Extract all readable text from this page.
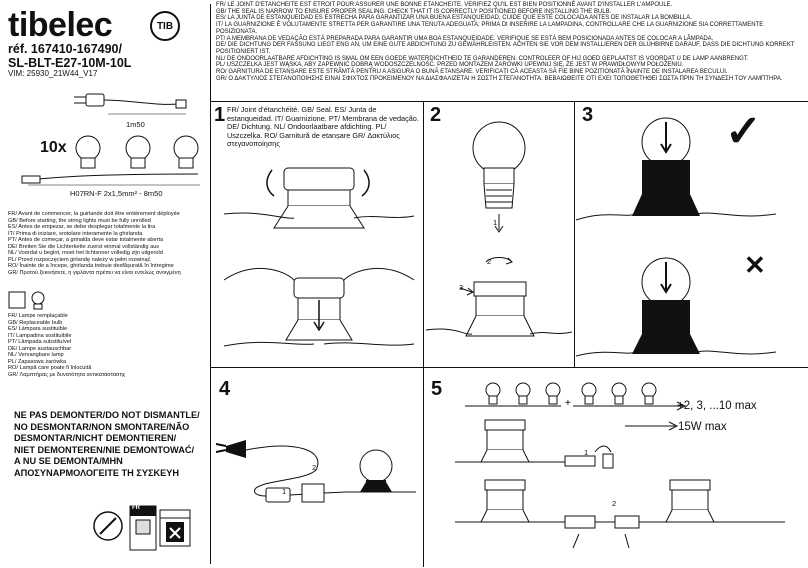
tibelec	TIB
réf. 167410-167490/
SL-BLT-E27-10M-10L
VIM: 25930_21W44_V17
1m50
10x
H07RN-F 2x1,5mm² - 8m50
FR/ Avant de commencer, la guirlande doit être entièrement déployée
GB/ Before starting, the string lights must be fully unrolled
ES/ Antes de empezar, se debe desplegar totalmente la tira
IT/ Prima di iniziare, srotolare interamente la ghirlanda
PT/ Antes de começar, a grinalda deve estar totalmente aberta
DE/ Breiten Sie die Lichterkette zuerst einmal vollständig aus
NL/ Voordat u begint, moet het lichtsnoer volledig zijn uitgerold
PL/ Przed rozpoczęciem girlandę należy w pełni rozwinąć
RO/ Înainte de a începe, ghirlanda trebuie desfășurată în întregime
GR/ Προτού ξεκινήσετε, η γιρλάντα πρέπει να είναι εντελώς ανοιγμένη
FR/ Lampe remplaçable
GB/ Replaceable bulb
ES/ Lámpara sustituible
IT/ Lampadina sostituibile
PT/ Lâmpada substituível
DE/ Lampe austauschbar
NL/ Vervangbare lamp
PL/ Zapasowa żarówka
RO/ Lampă care poate fi înlocuită
GR/ Λαμπτήρας με δυνατότητα αντικατάστασης
NE PAS DEMONTER/DO NOT DISMANTLE/
NO DESMONTAR/NON SMONTARE/NÃO
DESMONTAR/NICHT DEMONTIEREN/
NIET DEMONTEREN/NIE DEMONTOWAĆ/
A NU SE DEMONTA/MHN
ΑΠΟΣΥΝΑΡΜΟΛΟΓΕΙΤΕ ΤΗ ΣΥΣΚΕΥΗ
FR
FR/ LE JOINT D'ETANCHEITE EST ETROIT POUR ASSURER UNE BONNE ETANCHEITE. VERIFIEZ QU'IL EST BIEN POSITIONNÉ AVANT D'INSTALLER L'AMPOULE.
GB/ THE SEAL IS NARROW TO ENSURE PROPER SEALING. CHECK THAT IT IS CORRECTLY POSITIONED BEFORE INSTALLING THE BULB.
ES/ LA JUNTA DE ESTANQUEIDAD ES ESTRECHA PARA GARANTIZAR UNA BUENA ESTANQUEIDAD, CUIDE QUE ESTÉ COLOCADA ANTES DE INSTALAR LA BOMBILLA.
IT/ LA GUARNIZIONE È VOLUTAMENTE STRETTA PER GARANTIRE UNA TENUTA ADEGUATA; PRIMA DI INSERIRE LA LAMPADINA, CONTROLLARE CHE LA GUARNIZIONE SIA CORRETTAMENTE POSIZIONATA.
PT/ A MEMBRANA DE VEDAÇÃO ESTÁ PREPARADA PARA GARANTIR UMA BOA ESTANQUEIDADE. VERIFIQUE SE ESTÁ BEM POSICIONADA ANTES DE COLOCAR A LÂMPADA.
DE/ DIE DICHTUNG DER FASSUNG LIEGT ENG AN, UM EINE GUTE ABDICHTUNG ZU GEWÄHRLEISTEN. ACHTEN SIE VOR DEM INSTALLIEREN DER GLÜHBIRNE DARAUF, DASS DIE DICHTUNG KORREKT POSITIONIERT IST.
NL/ DE ONDOORLAATBARE AFDICHTING IS SMAL OM EEN GOEDE WATERDICHTHEID TE GARANDEREN. CONTROLEER OF HIJ GOED GEPLAATST IS VOORDAT U DE LAMP AANBRENGT.
PL/ USZCZELKA JEST WĄSKA, ABY ZAPEWNIĆ DOBRĄ WODOSZCZELNOŚĆ. PRZED MONTAŻEM ŻARÓWKI UPEWNIJ SIĘ, ŻE JEST W PRAWIDŁOWYM POŁOŻENIU.
RO/ GARNITURA DE ETANȘARE ESTE STRÂMTĂ PENTRU A ASIGURA O BUNĂ ETANȘARE. VERIFICAȚI CĂ ACEASTA SĂ FIE BINE POZIȚIONATĂ ÎNAINTE DE INSTALAREA BECULUI.
GR/ Ο ΔΑΚΤΥΛΙΟΣ ΣΤΕΓΑΝΟΠΟΙΗΣΗΣ ΕΙΝΑΙ ΣΦΙΧΤΟΣ ΠΡΟΚΕΙΜΕΝΟΥ ΝΑ ΔΙΑΣΦΑΛΙΖΕΤΑΙ Η ΣΩΣΤΗ ΣΤΕΓΑΝΟΤΗΤΑ. ΒΕΒΑΙΩΘΕΙΤΕ ΟΤΙ ΕΧΕΙ ΤΟΠΟΘΕΤΗΘΕΙ ΣΩΣΤΑ ΠΡΙΝ ΤΗ ΣΥΝΔΕΣΗ ΤΟΥ ΛΑΜΠΤΗΡΑ.
1 FR/ Joint d'étanchéité. GB/ Seal. ES/ Junta de estanqueidad. IT/ Guarnizione. PT/ Membrana de vedação. DE/ Dichtung. NL/ Ondoorlaatbare afdichting. PL/ Uszczelka. RO/ Garnitură de etanșare GR/ Δακτύλιος στεγανοποίησης
2
1
2
3
3	✓
✕
4
1
2
5
+	+2, 3, ...10 max
15W max
1
2
